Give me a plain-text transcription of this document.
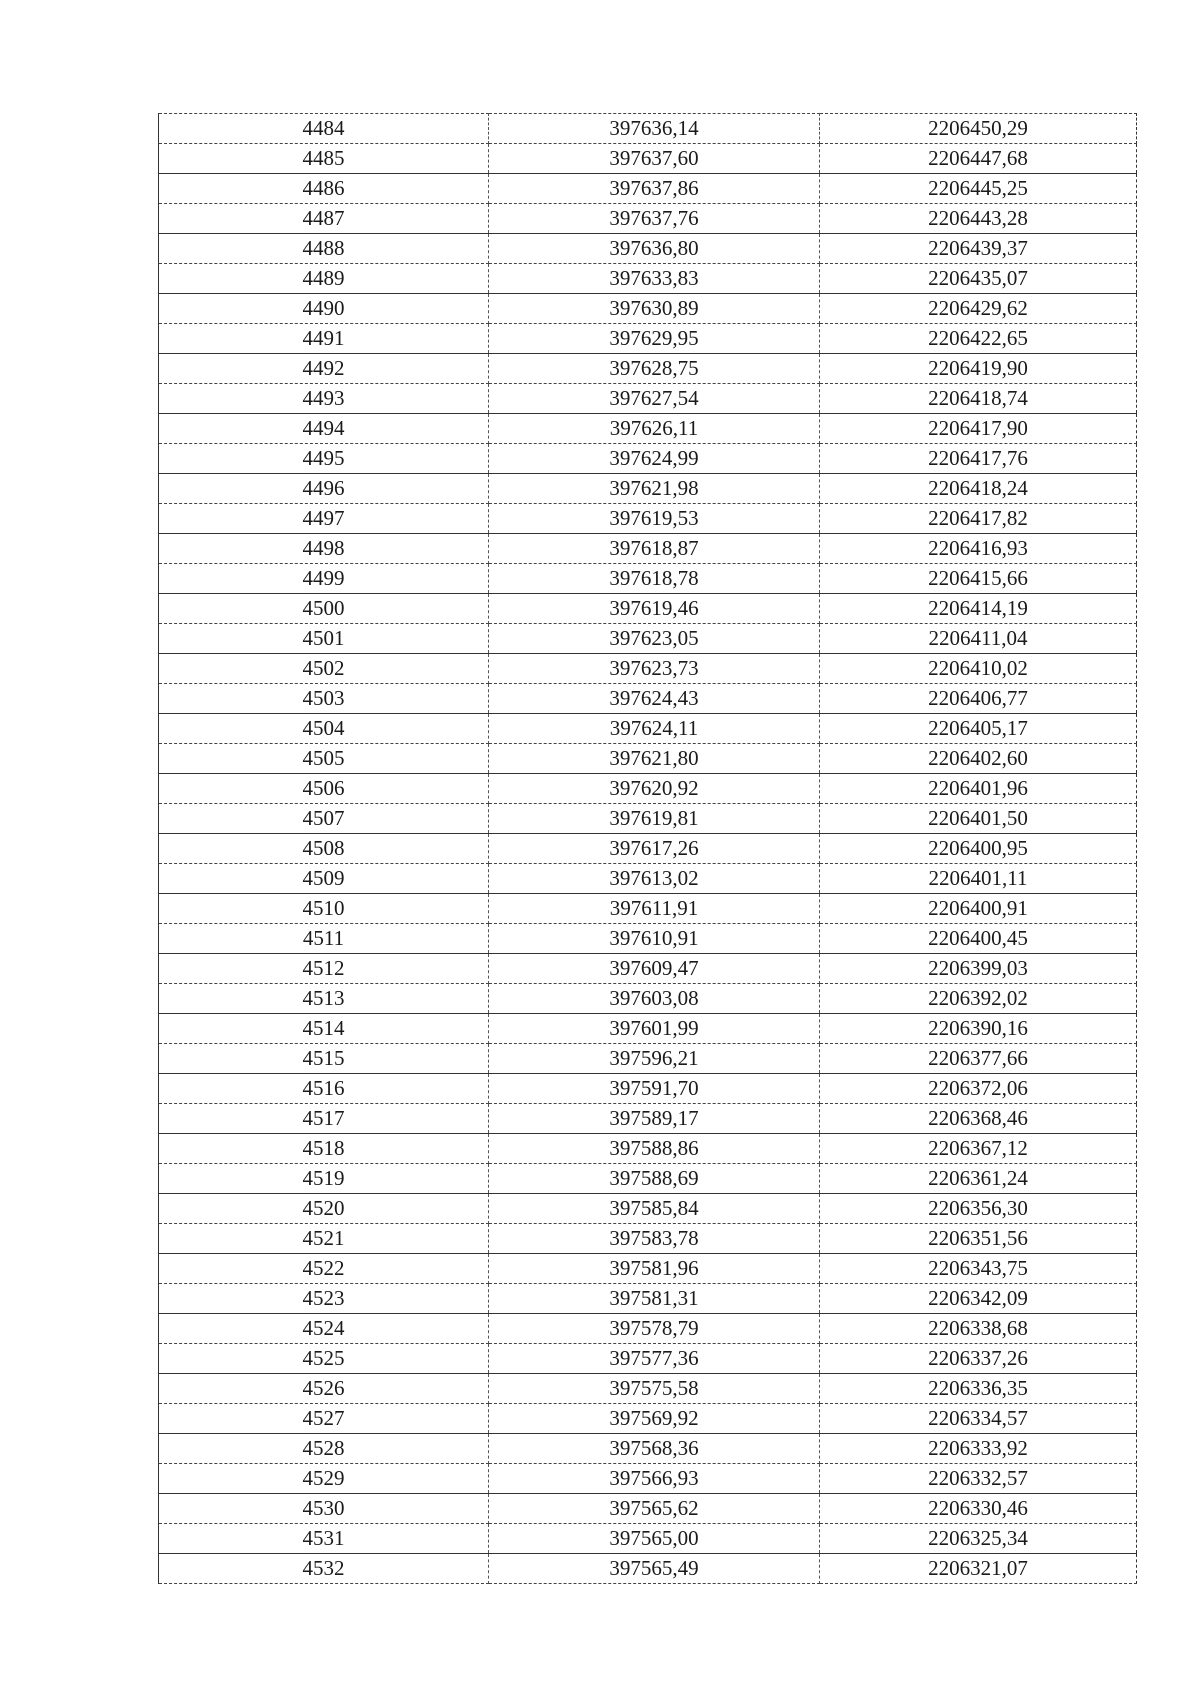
4484	397636,14	2206450,29
4485	397637,60	2206447,68
4486	397637,86	2206445,25
4487	397637,76	2206443,28
4488	397636,80	2206439,37
4489	397633,83	2206435,07
4490	397630,89	2206429,62
4491	397629,95	2206422,65
4492	397628,75	2206419,90
4493	397627,54	2206418,74
4494	397626,11	2206417,90
4495	397624,99	2206417,76
4496	397621,98	2206418,24
4497	397619,53	2206417,82
4498	397618,87	2206416,93
4499	397618,78	2206415,66
4500	397619,46	2206414,19
4501	397623,05	2206411,04
4502	397623,73	2206410,02
4503	397624,43	2206406,77
4504	397624,11	2206405,17
4505	397621,80	2206402,60
4506	397620,92	2206401,96
4507	397619,81	2206401,50
4508	397617,26	2206400,95
4509	397613,02	2206401,11
4510	397611,91	2206400,91
4511	397610,91	2206400,45
4512	397609,47	2206399,03
4513	397603,08	2206392,02
4514	397601,99	2206390,16
4515	397596,21	2206377,66
4516	397591,70	2206372,06
4517	397589,17	2206368,46
4518	397588,86	2206367,12
4519	397588,69	2206361,24
4520	397585,84	2206356,30
4521	397583,78	2206351,56
4522	397581,96	2206343,75
4523	397581,31	2206342,09
4524	397578,79	2206338,68
4525	397577,36	2206337,26
4526	397575,58	2206336,35
4527	397569,92	2206334,57
4528	397568,36	2206333,92
4529	397566,93	2206332,57
4530	397565,62	2206330,46
4531	397565,00	2206325,34
4532	397565,49	2206321,07
